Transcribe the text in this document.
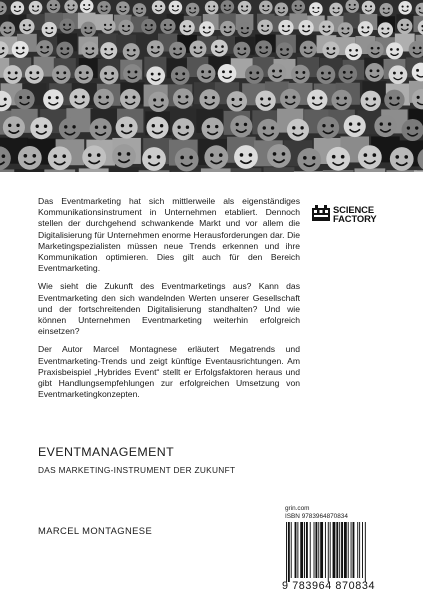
Das Eventmarketing hat sich mittlerweile als eigenständiges Kommunikationsinstrument in Unternehmen etabliert. Dennoch stellen der durchgehend schwankende Markt und vor allem die Digitalisierung für Unternehmen enorme Herausforderungen dar. Die Marketingspezialisten müssen neue Trends erkennen und ihre Kommunikation optimieren. Dies gilt auch für den Bereich Eventmarketing.

Wie sieht die Zukunft des Eventmarketings aus? Kann das Eventmarketing den sich wandelnden Werten unserer Gesellschaft und der fortschreitenden Digitalisierung standhalten? Und wie können Unternehmen Eventmarketing weiterhin erfolgreich einsetzen?

Der Autor Marcel Montagnese erläutert Megatrends und Eventmarketing-Trends und zeigt künftige Eventausrichtungen. Am Praxisbeispiel „Hybrides Event“ stellt er Erfolgsfaktoren heraus und gibt Handlungsempfehlungen zur erfolgreichen Umsetzung von Eventmarketingkonzepten.

SCIENCE
FACTORY
EVENTMANAGEMENT
DAS MARKETING-INSTRUMENT DER ZUKUNFT
MARCEL MONTAGNESE
grin.com
ISBN 9783964870834
9 783964 870834
